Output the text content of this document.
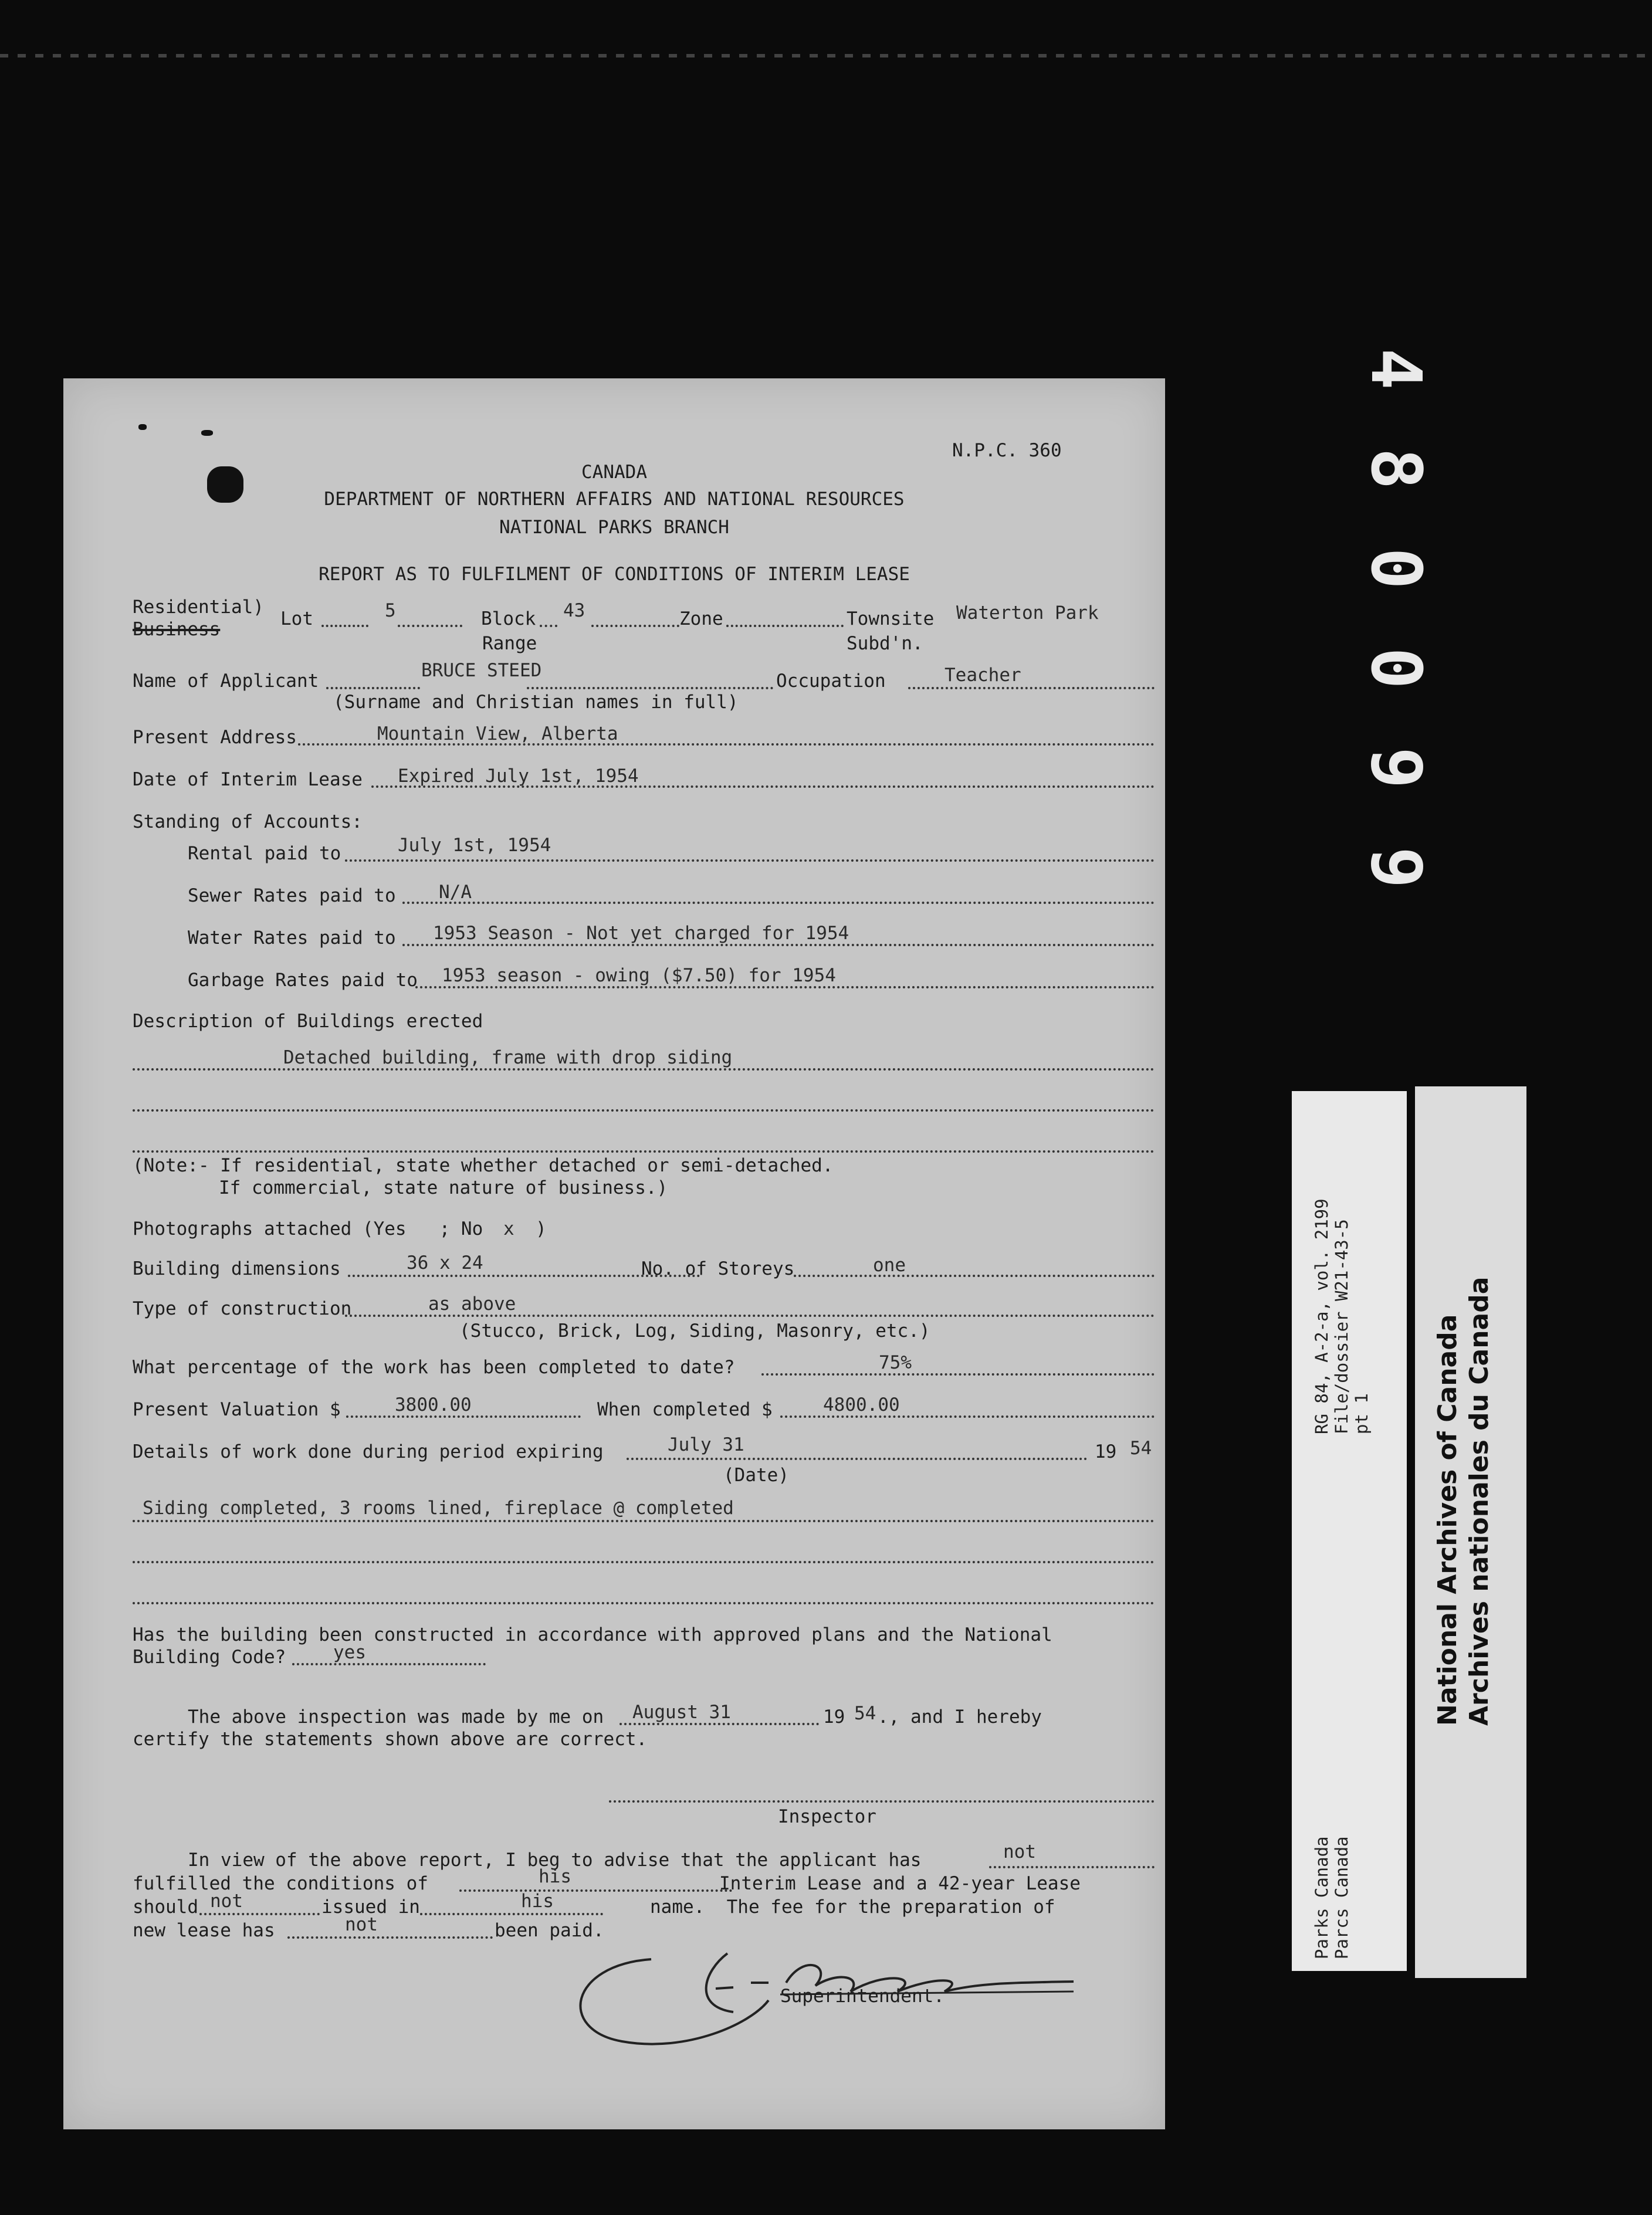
4
8
0
0
9
9
N.P.C. 360
CANADA
DEPARTMENT OF NORTHERN AFFAIRS AND NATIONAL RESOURCES
NATIONAL PARKS BRANCH
REPORT AS TO FULFILMENT OF CONDITIONS OF INTERIM LEASE
Residential)
Business	Lot	5	Block 43
Range
Zone	Townsite Waterton Park
Subd'n.
Name of Applicant	BRUCE STEED	Occupation	Teacher
(Surname and Christian names in full)
Present Address	Mountain View, Alberta
Date of Interim Lease Expired July 1st, 1954
Standing of Accounts:
Rental paid to	July 1st, 1954
Sewer Rates paid to N/A
Water Rates paid to 1953 Season - Not yet charged for 1954
Garbage Rates paid to 1953 season - owing ($7.50) for 1954
Description of Buildings erected
Detached building, frame with drop siding
(Note:- If residential, state whether detached or semi-detached.
If commercial, state nature of business.)
Photographs attached (Yes   ; No x )
Building dimensions	36 x 24	No. of Storeys	one
Type of construction	as above
(Stucco, Brick, Log, Siding, Masonry, etc.)
What percentage of the work has been completed to date?	75%
Present Valuation $	3800.00	When completed $	4800.00
Details of work done during period expiring	July 31	19 54
(Date)
Siding completed, 3 rooms lined, fireplace @ completed
Has the building been constructed in accordance with approved plans and the National
Building Code?	yes
The above inspection was made by me on August 31	19 54 ., and I hereby
certify the statements shown above are correct.
Inspector
In view of the above report, I beg to advise that the applicant has	not
fulfilled the conditions of	his	Interim Lease and a 42-year Lease
should not	issued in	his	name.  The fee for the preparation of
new lease has	not	been paid.
Superintendent.
RG 84, A-2-a, vol. 2199 File/dossier W21-43-5 pt 1
Parks Canada Parcs Canada
National Archives of Canada Archives nationales du Canada
